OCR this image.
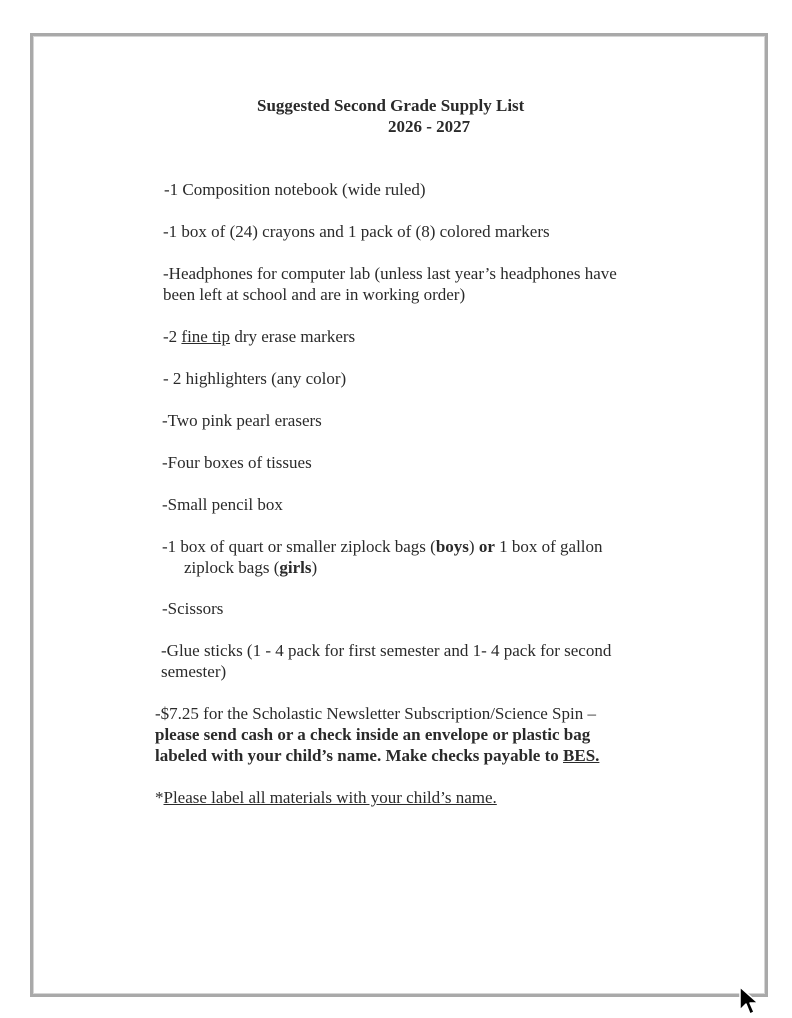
Suggested Second Grade Supply List
2026 - 2027
-1 Composition notebook (wide ruled)
-1 box of (24) crayons and 1 pack of (8) colored markers
-Headphones for computer lab (unless last year’s headphones have
been left at school and are in working order)
-2 fine tip dry erase markers
- 2 highlighters (any color)
-Two pink pearl erasers
-Four boxes of tissues
-Small pencil box
-1 box of quart or smaller ziplock bags (boys) or 1 box of gallon
ziplock bags (girls)
-Scissors
-Glue sticks (1 - 4 pack for first semester and 1- 4 pack for second
semester)
-$7.25 for the Scholastic Newsletter Subscription/Science Spin –
please send cash or a check inside an envelope or plastic bag
labeled with your child’s name. Make checks payable to BES.
*Please label all materials with your child’s name.
